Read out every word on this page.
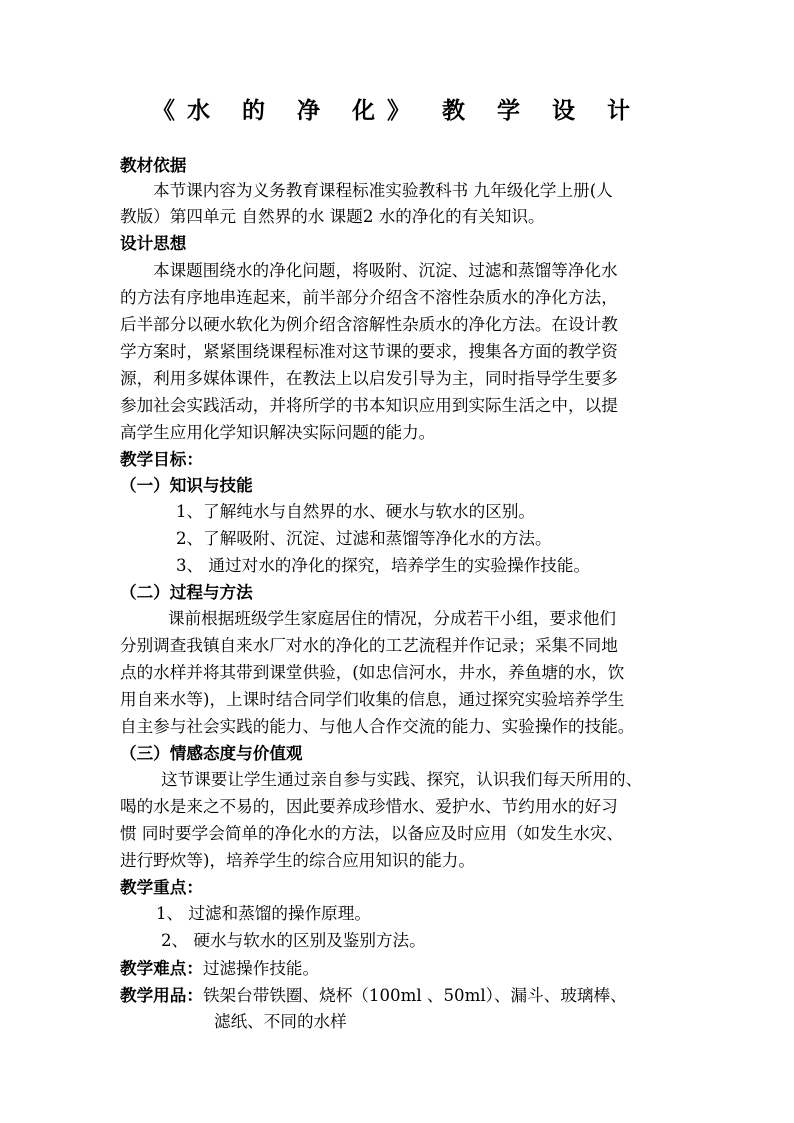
《水 的 净 化》 教 学 设 计
教材依据
本节课内容为义务教育课程标准实验教科书 九年级化学上册(人
教版）第四单元 自然界的水 课题2 水的净化的有关知识。
设计思想
本课题围绕水的净化问题，将吸附、沉淀、过滤和蒸馏等净化水
的方法有序地串连起来，前半部分介绍含不溶性杂质水的净化方法，
后半部分以硬水软化为例介绍含溶解性杂质水的净化方法。在设计教
学方案时，紧紧围绕课程标准对这节课的要求，搜集各方面的教学资
源，利用多媒体课件，在教法上以启发引导为主，同时指导学生要多
参加社会实践活动，并将所学的书本知识应用到实际生活之中，以提
高学生应用化学知识解决实际问题的能力。
教学目标：
（一）知识与技能
1、了解纯水与自然界的水、硬水与软水的区别。
2、了解吸附、沉淀、过滤和蒸馏等净化水的方法。
3、 通过对水的净化的探究，培养学生的实验操作技能。
（二）过程与方法
课前根据班级学生家庭居住的情况，分成若干小组，要求他们
分别调查我镇自来水厂对水的净化的工艺流程并作记录；采集不同地
点的水样并将其带到课堂供验，(如忠信河水，井水，养鱼塘的水，饮
用自来水等)，上课时结合同学们收集的信息，通过探究实验培养学生
自主参与社会实践的能力、与他人合作交流的能力、实验操作的技能。
（三）情感态度与价值观
这节课要让学生通过亲自参与实践、探究，认识我们每天所用的、
喝的水是来之不易的，因此要养成珍惜水、爱护水、节约用水的好习
惯 同时要学会简单的净化水的方法，以备应及时应用（如发生水灾、
进行野炊等)，培养学生的综合应用知识的能力。
教学重点：
1、 过滤和蒸馏的操作原理。
2、 硬水与软水的区别及鉴别方法。
教学难点：过滤操作技能。
教学用品：铁架台带铁圈、烧杯（100ml 、50ml）、漏斗、玻璃棒、
滤纸、不同的水样
